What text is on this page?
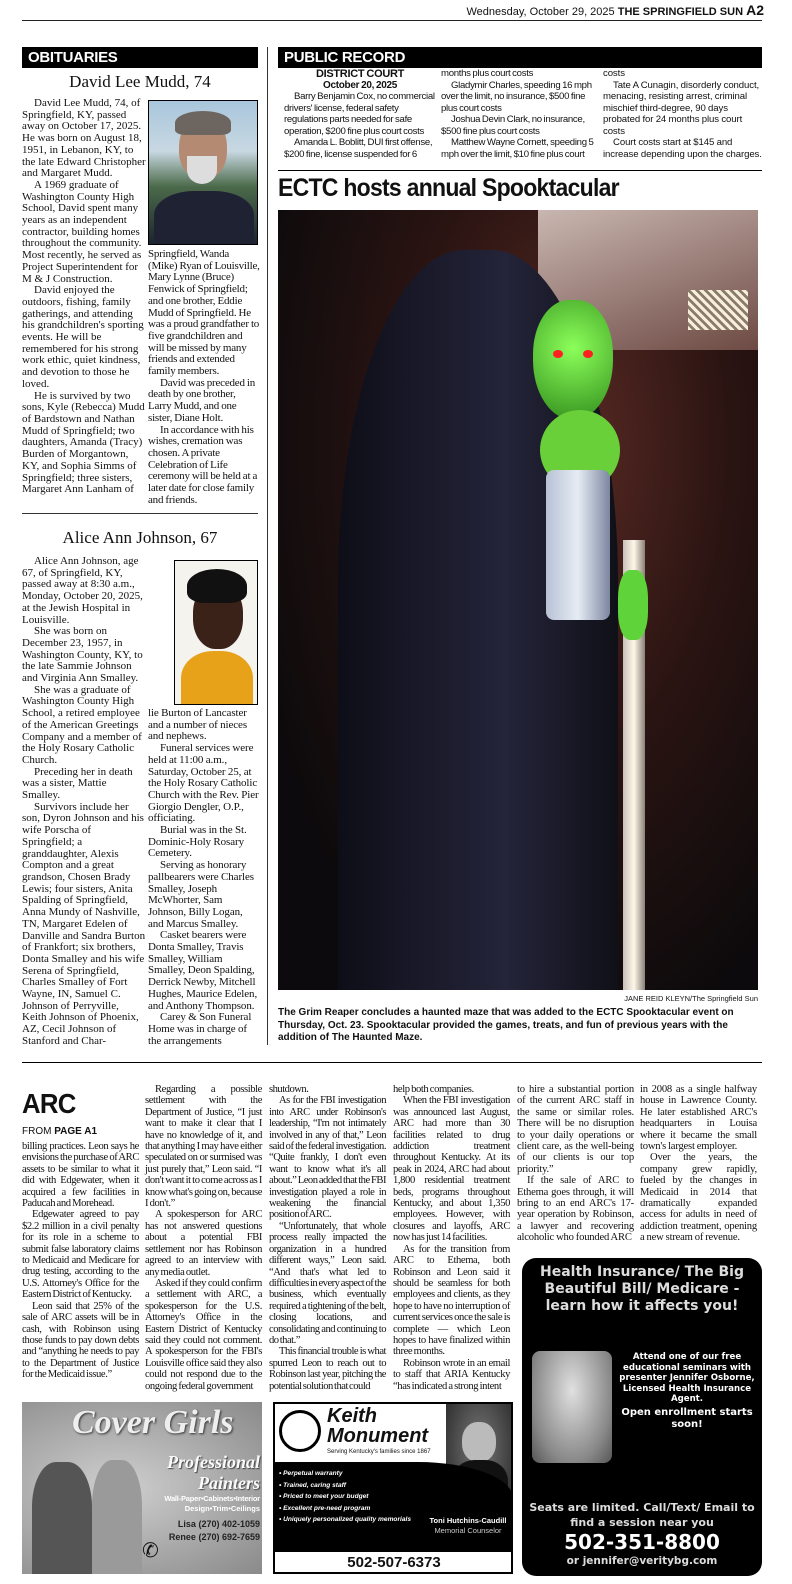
Wednesday, October 29, 2025 THE SPRINGFIELD SUN A2
OBITUARIES
David Lee Mudd, 74

David Lee Mudd, 74, of Springfield, KY, passed away on October 17, 2025. He was born on August 18, 1951, in Lebanon, KY, to the late Edward Christopher and Margaret Mudd.

A 1969 graduate of Washington County High School, David spent many years as an independent contractor, building homes throughout the community. Most recently, he served as Project Superintendent for M & J Construction.

David enjoyed the outdoors, fishing, family gatherings, and attending his grandchildren's sporting events. He will be remembered for his strong work ethic, quiet kindness, and devotion to those he loved.

He is survived by two sons, Kyle (Rebecca) Mudd of Bardstown and Nathan Mudd of Springfield; two daughters, Amanda (Tracy) Burden of Morgantown, KY, and Sophia Simms of Springfield; three sisters, Margaret Ann Lanham of

Springfield, Wanda (Mike) Ryan of Louisville, Mary Lynne (Bruce) Fenwick of Springfield; and one brother, Eddie Mudd of Springfield. He was a proud grandfather to five grandchildren and will be missed by many friends and extended family members.

David was preceded in death by one brother, Larry Mudd, and one sister, Diane Holt.

In accordance with his wishes, cremation was chosen. A private Celebration of Life ceremony will be held at a later date for close family and friends.

Alice Ann Johnson, 67

Alice Ann Johnson, age 67, of Springfield, KY, passed away at 8:30 a.m., Monday, October 20, 2025, at the Jewish Hospital in Louisville.

She was born on December 23, 1957, in Washington County, KY, to the late Sammie Johnson and Virginia Ann Smalley.

She was a graduate of Washington County High School, a retired employee of the American Greetings Company and a member of the Holy Rosary Catholic Church.

Preceding her in death was a sister, Mattie Smalley.

Survivors include her son, Dyron Johnson and his wife Porscha of Springfield; a granddaughter, Alexis Compton and a great grandson, Chosen Brady Lewis; four sisters, Anita Spalding of Springfield, Anna Mundy of Nashville, TN, Margaret Edelen of Danville and Sandra Burton of Frankfort; six brothers, Donta Smalley and his wife Serena of Springfield, Charles Smalley of Fort Wayne, IN, Samuel C. Johnson of Perryville, Keith Johnson of Phoenix, AZ, Cecil Johnson of Stanford and Char-

lie Burton of Lancaster and a number of nieces and nephews.

Funeral services were held at 11:00 a.m., Saturday, October 25, at the Holy Rosary Catholic Church with the Rev. Pier Giorgio Dengler, O.P., officiating.

Burial was in the St. Dominic-Holy Rosary Cemetery.

Serving as honorary pallbearers were Charles Smalley, Joseph McWhorter, Sam Johnson, Billy Logan, and Marcus Smalley.

Casket bearers were Donta Smalley, Travis Smalley, William Smalley, Deon Spalding, Derrick Newby, Mitchell Hughes, Maurice Edelen, and Anthony Thompson.

Carey & Son Funeral Home was in charge of the arrangements

PUBLIC RECORD
DISTRICT COURT
October 20, 2025

Barry Benjamin Cox, no commercial drivers' license, federal safety regulations parts needed for safe operation, $200 fine plus court costs

Amanda L. Boblitt, DUI first offense, $200 fine, license suspended for 6

months plus court costs

Gladymir Charles, speeding 16 mph over the limit, no insurance, $500 fine plus court costs

Joshua Devin Clark, no insurance, $500 fine plus court costs

Matthew Wayne Cornett, speeding 5 mph over the limit, $10 fine plus court

costs

Tate A Cunagin, disorderly conduct, menacing, resisting arrest, criminal mischief third-degree, 90 days probated for 24 months plus court costs

Court costs start at $145 and increase depending upon the charges.

ECTC hosts annual Spooktacular
JANE REID KLEYN/The Springfield Sun
The Grim Reaper concludes a haunted maze that was added to the ECTC Spooktacular event on Thursday, Oct. 23. Spooktacular provided the games, treats, and fun of previous years with the addition of The Haunted Maze.
ARC
FROM PAGE A1

billing practices. Leon says he envisions the purchase of ARC assets to be similar to what it did with Edgewater, when it acquired a few facilities in Paducah and Morehead.

Edgewater agreed to pay $2.2 million in a civil penalty for its role in a scheme to submit false laboratory claims to Medicaid and Medicare for drug testing, according to the U.S. Attorney's Office for the Eastern District of Kentucky.

Leon said that 25% of the sale of ARC assets will be in cash, with Robinson using those funds to pay down debts and “anything he needs to pay to the Department of Justice for the Medicaid issue.”

Regarding a possible settlement with the Department of Justice, “I just want to make it clear that I have no knowledge of it, and that anything I may have either speculated on or surmised was just purely that,” Leon said. “I don't want it to come across as I know what's going on, because I don't.”

A spokesperson for ARC has not answered questions about a potential FBI settlement nor has Robinson agreed to an interview with any media outlet.

Asked if they could confirm a settlement with ARC, a spokesperson for the U.S. Attorney's Office in the Eastern District of Kentucky said they could not comment. A spokesperson for the FBI's Louisville office said they also could not respond due to the ongoing federal government

shutdown.

As for the FBI investigation into ARC under Robinson's leadership, “I'm not intimately involved in any of that,” Leon said of the federal investigation. “Quite frankly, I don't even want to know what it's all about.” Leon added that the FBI investigation played a role in weakening the financial position of ARC.

“Unfortunately, that whole process really impacted the organization in a hundred different ways,” Leon said. “And that's what led to difficulties in every aspect of the business, which eventually required a tightening of the belt, closing locations, and consolidating and continuing to do that.”

This financial trouble is what spurred Leon to reach out to Robinson last year, pitching the potential solution that could

help both companies.

When the FBI investigation was announced last August, ARC had more than 30 facilities related to drug addiction treatment throughout Kentucky. At its peak in 2024, ARC had about 1,800 residential treatment beds, programs throughout Kentucky, and about 1,350 employees. However, with closures and layoffs, ARC now has just 14 facilities.

As for the transition from ARC to Ethema, both Robinson and Leon said it should be seamless for both employees and clients, as they hope to have no interruption of current services once the sale is complete — which Leon hopes to have finalized within three months.

Robinson wrote in an email to staff that ARIA Kentucky “has indicated a strong intent

to hire a substantial portion of the current ARC staff in the same or similar roles. There will be no disruption to your daily operations or client care, as the well-being of our clients is our top priority.”

If the sale of ARC to Ethema goes through, it will bring to an end ARC's 17-year operation by Robinson, a lawyer and recovering alcoholic who founded ARC

in 2008 as a single halfway house in Lawrence County. He later established ARC's headquarters in Louisa where it became the small town's largest employer.

Over the years, the company grew rapidly, fueled by the changes in Medicaid in 2014 that dramatically expanded access for adults in need of addiction treatment, opening a new stream of revenue.

Cover Girls
Professional
Painters
Wall-Paper•Cabinets•Interior
Design•Trim•Ceilings
Lisa (270) 402-1059
Renee (270) 692-7659
✆
Keith
Monument
Serving Kentucky's families since 1867
• Perpetual warranty
• Trained, caring staff
• Priced to meet your budget
• Excellent pre-need program
• Uniquely personalized quality memorials	Toni Hutchins-Caudill
Memorial Counselor
502-507-6373
Health Insurance/ The Big Beautiful Bill/ Medicare - learn how it affects you!
Attend one of our free educational seminars with presenter Jennifer Osborne, Licensed Health Insurance Agent.
Open enrollment starts soon!
Seats are limited. Call/Text/ Email to find a session near you
502-351-8800
or jennifer@veritybg.com
